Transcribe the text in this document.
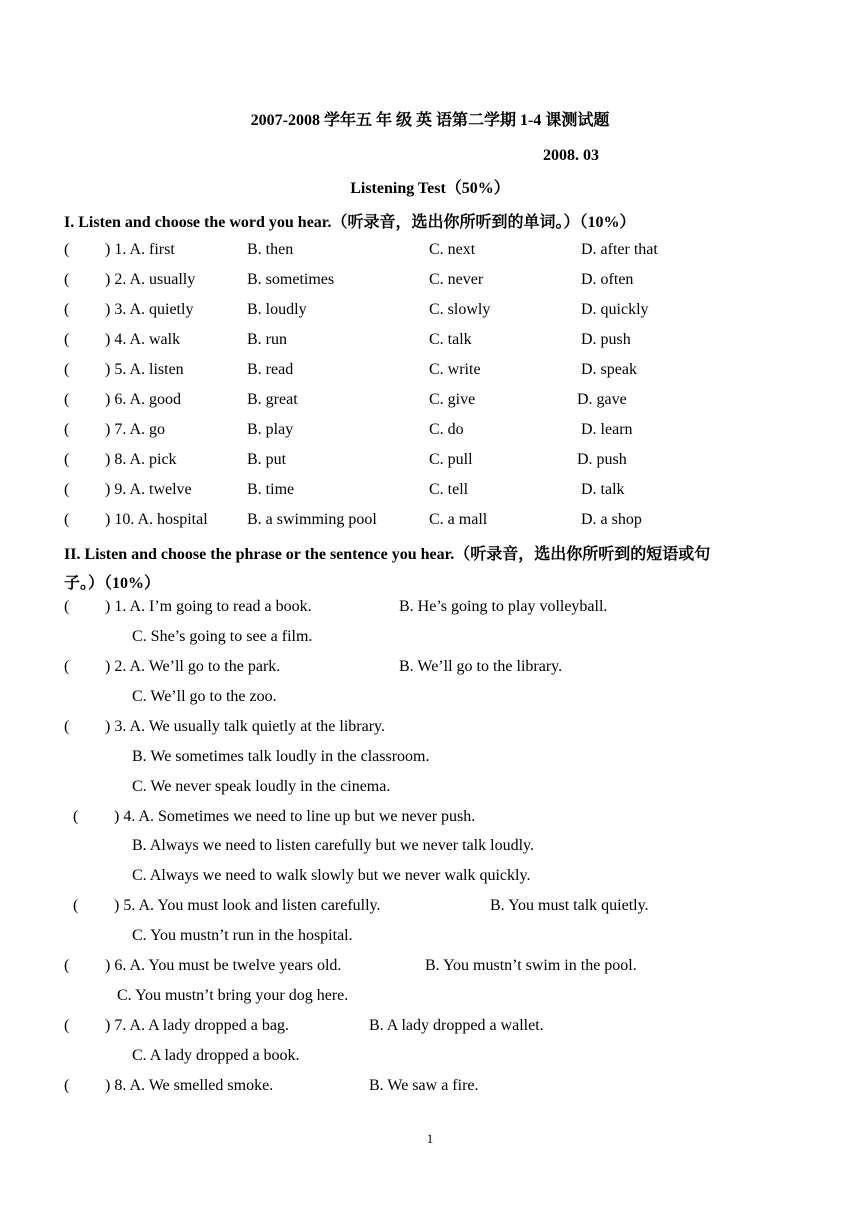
2007-2008 学年五 年 级 英 语第二学期 1-4 课测试题
2008. 03
Listening Test（50%）
I. Listen and choose the word you hear.（听录音，选出你所听到的单词。）（10%）
( ) 1. A. first	B. then	C. next	D. after that
( ) 2. A. usually	B. sometimes	C. never	D. often
( ) 3. A. quietly	B. loudly	C. slowly	D. quickly
( ) 4. A. walk	B. run	C. talk	D. push
( ) 5. A. listen	B. read	C. write	D. speak
( ) 6. A. good	B. great	C. give	D. gave
( ) 7. A. go	B. play	C. do	D. learn
( ) 8. A. pick	B. put	C. pull	D. push
( ) 9. A. twelve	B. time	C. tell	D. talk
( ) 10. A. hospital B. a swimming pool	C. a mall	D. a shop
II. Listen and choose the phrase or the sentence you hear.（听录音，选出你所听到的短语或句
子。）（10%）
( ) 1. A. I’m going to read a book.	B. He’s going to play volleyball.
C. She’s going to see a film.
( ) 2. A. We’ll go to the park.	B. We’ll go to the library.
C. We’ll go to the zoo.
( ) 3. A. We usually talk quietly at the library.
B. We sometimes talk loudly in the classroom.
C. We never speak loudly in the cinema.
( ) 4. A. Sometimes we need to line up but we never push.
B. Always we need to listen carefully but we never talk loudly.
C. Always we need to walk slowly but we never walk quickly.
( ) 5. A. You must look and listen carefully.	B. You must talk quietly.
C. You mustn’t run in the hospital.
( ) 6. A. You must be twelve years old.	B. You mustn’t swim in the pool.
C. You mustn’t bring your dog here.
( ) 7. A. A lady dropped a bag.	B. A lady dropped a wallet.
C. A lady dropped a book.
( ) 8. A. We smelled smoke.	B. We saw a fire.
1
